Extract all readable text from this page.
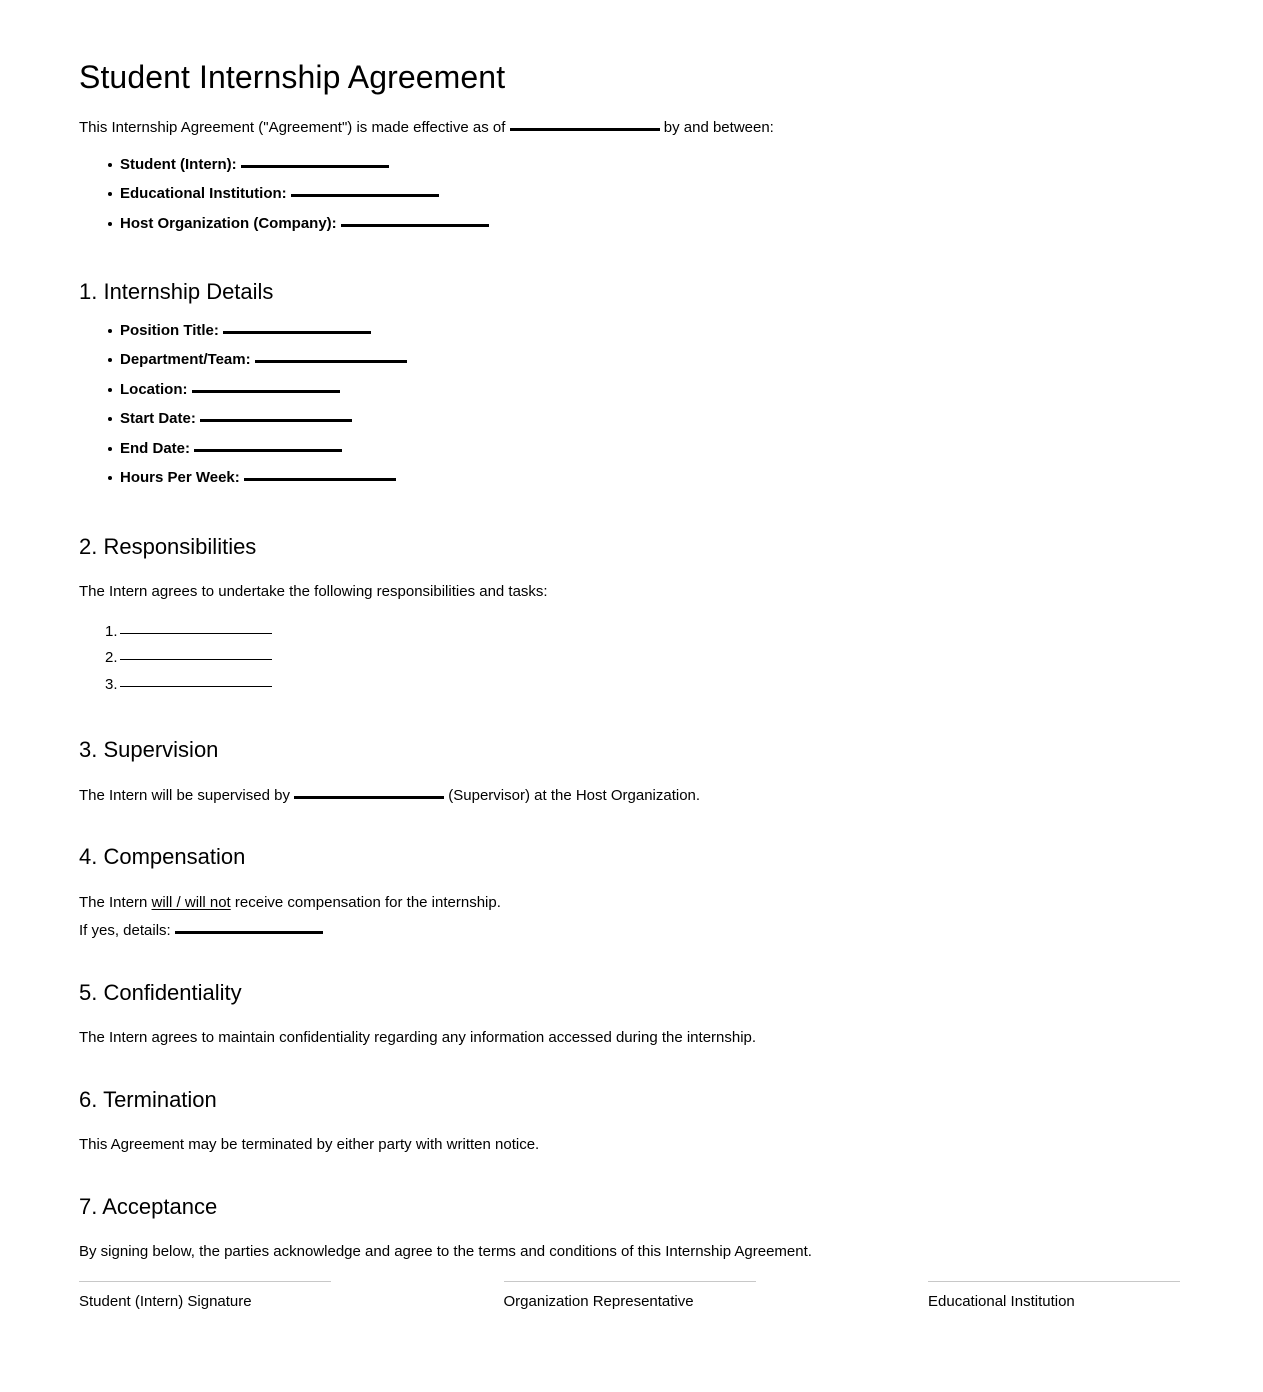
Student Internship Agreement

This Internship Agreement ("Agreement") is made effective as of	by and between:

Student (Intern):
Educational Institution:
Host Organization (Company):
1. Internship Details
Position Title:
Department/Team:
Location:
Start Date:
End Date:
Hours Per Week:
2. Responsibilities

The Intern agrees to undertake the following responsibilities and tasks:

3. Supervision

The Intern will be supervised by	(Supervisor) at the Host Organization.

4. Compensation

The Intern will / will not receive compensation for the internship.

If yes, details:

5. Confidentiality

The Intern agrees to maintain confidentiality regarding any information accessed during the internship.

6. Termination

This Agreement may be terminated by either party with written notice.

7. Acceptance

By signing below, the parties acknowledge and agree to the terms and conditions of this Internship Agreement.

Student (Intern) Signature	Organization Representative	Educational Institution
